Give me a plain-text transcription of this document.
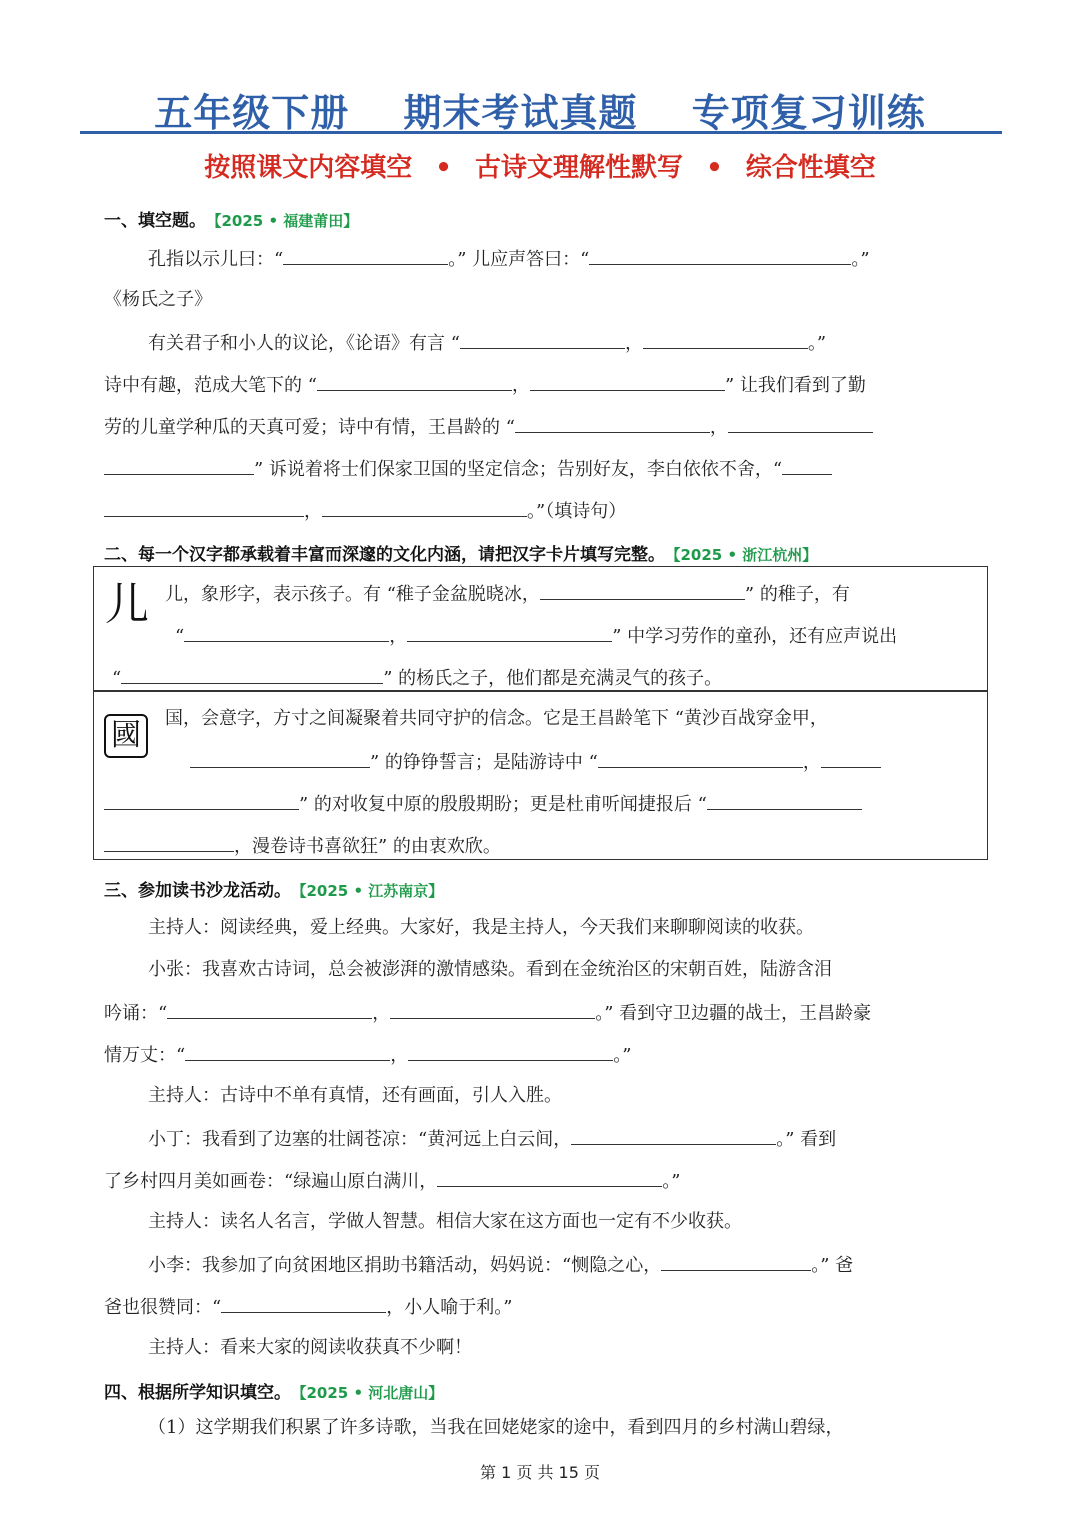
五年级下册 期末考试真题 专项复习训练
按照课文内容填空 • 古诗文理解性默写 • 综合性填空
一、填空题。 【2025 • 福建莆田】
孔指以示儿曰：“	。” 儿应声答曰：“	。”
《杨氏之子》
有关君子和小人的议论，《论语》有言 “	，	。”
诗中有趣，范成大笔下的 “	，	” 让我们看到了勤
劳的儿童学种瓜的天真可爱；诗中有情，王昌龄的 “	，
” 诉说着将士们保家卫国的坚定信念；告别好友，李白依依不舍，“
，	。”（填诗句）
二、每一个汉字都承载着丰富而深邃的文化内涵，请把汉字卡片填写完整。 【2025 • 浙江杭州】
儿 儿，象形字，表示孩子。有 “稚子金盆脱晓冰，	” 的稚子，有
“	，	” 中学习劳作的童孙，还有应声说出
“	” 的杨氏之子，他们都是充满灵气的孩子。
國	国，会意字，方寸之间凝聚着共同守护的信念。它是王昌龄笔下 “黄沙百战穿金甲，
” 的铮铮誓言；是陆游诗中 “	，
” 的对收复中原的殷殷期盼；更是杜甫听闻捷报后 “
，漫卷诗书喜欲狂” 的由衷欢欣。
三、参加读书沙龙活动。 【2025 • 江苏南京】
主持人：阅读经典，爱上经典。大家好，我是主持人，今天我们来聊聊阅读的收获。
小张：我喜欢古诗词，总会被澎湃的激情感染。看到在金统治区的宋朝百姓，陆游含泪
吟诵：“	，	。” 看到守卫边疆的战士，王昌龄豪
情万丈：“	，	。”
主持人：古诗中不单有真情，还有画面，引人入胜。
小丁：我看到了边塞的壮阔苍凉：“黄河远上白云间，	。” 看到
了乡村四月美如画卷：“绿遍山原白满川，	。”
主持人：读名人名言，学做人智慧。相信大家在这方面也一定有不少收获。
小李：我参加了向贫困地区捐助书籍活动，妈妈说：“恻隐之心，	。” 爸
爸也很赞同：“	，小人喻于利。”
主持人：看来大家的阅读收获真不少啊！
四、根据所学知识填空。 【2025 • 河北唐山】
（1）这学期我们积累了许多诗歌，当我在回姥姥家的途中，看到四月的乡村满山碧绿，
第 1 页 共 15 页
